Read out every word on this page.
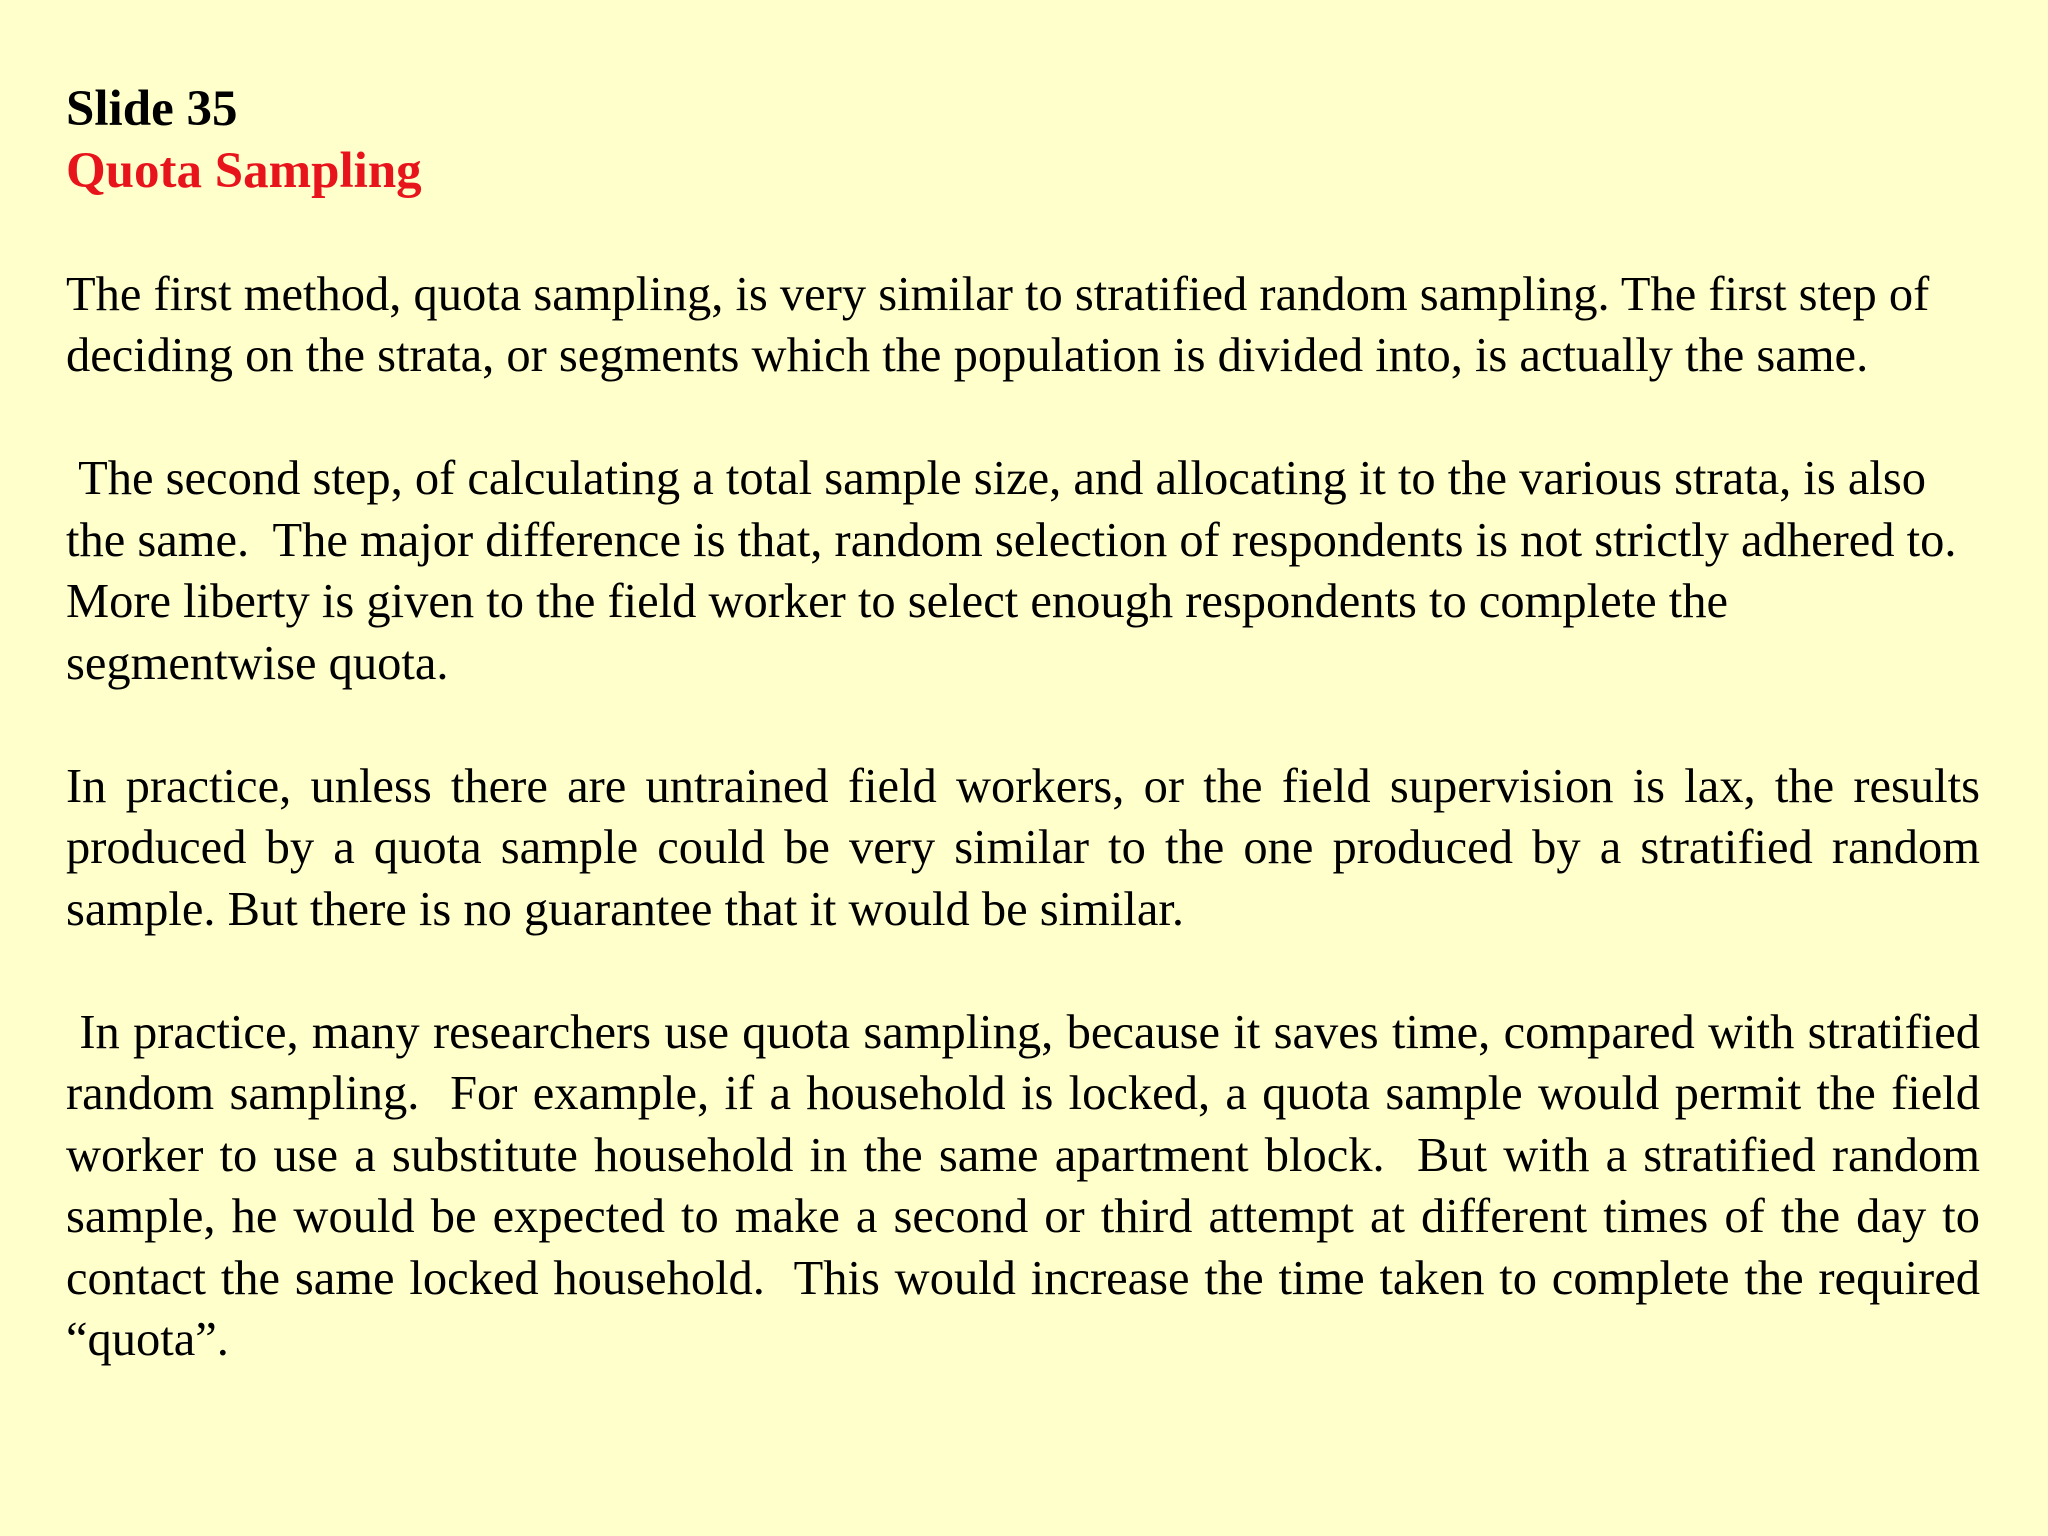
Slide 35

Quota Sampling

The first method, quota sampling, is very similar to stratified random sampling. The first step of deciding on the strata, or segments which the population is divided into, is actually the same.

The second step, of calculating a total sample size, and allocating it to the various strata, is also the same.  The major difference is that, random selection of respondents is not strictly adhered to.  More liberty is given to the field worker to select enough respondents to complete the segmentwise quota.

In practice, unless there are untrained field workers, or the field supervision is lax, the results produced by a quota sample could be very similar to the one produced by a stratified random sample. But there is no guarantee that it would be similar.

In practice, many researchers use quota sampling, because it saves time, compared with stratified random sampling.  For example, if a household is locked, a quota sample would permit the field worker to use a substitute household in the same apartment block.  But with a stratified random sample, he would be expected to make a second or third attempt at different times of the day to contact the same locked household.  This would increase the time taken to complete the required “quota”.
